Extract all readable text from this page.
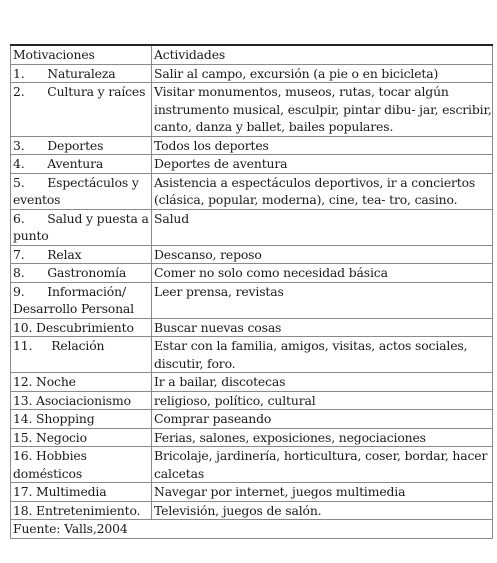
Motivaciones	Actividades
1.      Naturaleza	Salir al campo, excursión (a pie o en bicicleta)
2.      Cultura y raíces	Visitar monumentos, museos, rutas, tocar algún instrumento musical, esculpir, pintar dibu- jar, escribir, canto, danza y ballet, bailes populares.
3.      Deportes	Todos los deportes
4.      Aventura	Deportes de aventura
5.      Espectáculos y eventos	Asistencia a espectáculos deportivos, ir a conciertos (clásica, popular, moderna), cine, tea- tro, casino.
6.      Salud y puesta a punto	Salud
7.      Relax	Descanso, reposo
8.      Gastronomía	Comer no solo como necesidad básica
9.      Información/ Desarrollo Personal	Leer prensa, revistas
10. Descubrimiento	Buscar nuevas cosas
11.     Relación	Estar con la familia, amigos, visitas, actos sociales, discutir, foro.
12. Noche	Ir a bailar, discotecas
13. Asociacionismo	religioso, político, cultural
14. Shopping	Comprar paseando
15. Negocio	Ferias, salones, exposiciones, negociaciones
16. Hobbies domésticos	Bricolaje, jardinería, horticultura, coser, bordar, hacer calcetas
17. Multimedia	Navegar por internet, juegos multimedia
18. Entretenimiento.	Televisión, juegos de salón.
Fuente: Valls,2004	
